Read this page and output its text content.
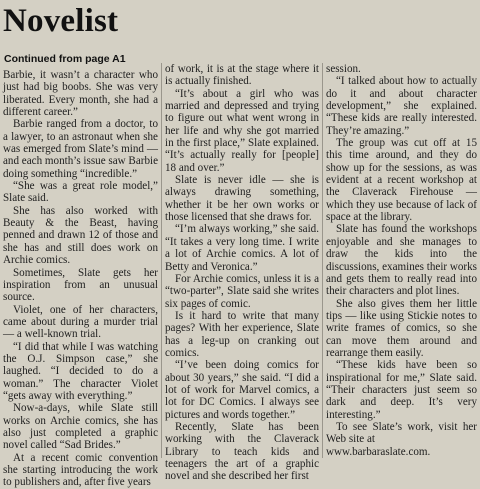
Novelist
Continued from page A1

Barbie, it wasn’t a character who just had big boobs. She was very liberated. Every month, she had a different career.”

Barbie ranged from a doctor, to a lawyer, to an astronaut when she was emerged from Slate’s mind — and each month’s issue saw Barbie doing something “incredible.”

“She was a great role model,” Slate said.

She has also worked with Beauty & the Beast, having penned and drawn 12 of those and she has and still does work on Archie comics.

Sometimes, Slate gets her inspiration from an unusual source.

Violet, one of her characters, came about during a murder trial — a well-known trial.

“I did that while I was watching the O.J. Simpson case,” she laughed. “I decided to do a woman.” The character Violet “gets away with everything.”

Now-a-days, while Slate still works on Archie comics, she has also just completed a graphic novel called “Sad Brides.”

At a recent comic convention she starting introducing the work to publishers and, after five years

of work, it is at the stage where it is actually finished.

“It’s about a girl who was married and depressed and trying to figure out what went wrong in her life and why she got married in the first place,” Slate explained. “It’s actually really for [people] 18 and over.”

Slate is never idle — she is always drawing something, whether it be her own works or those licensed that she draws for.

“I’m always working,” she said. “It takes a very long time. I write a lot of Archie comics. A lot of Betty and Veronica.”

For Archie comics, unless it is a “two-parter”, Slate said she writes six pages of comic.

Is it hard to write that many pages? With her experience, Slate has a leg-up on cranking out comics.

“I’ve been doing comics for about 30 years,” she said. “I did a lot of work for Marvel comics, a lot for DC Comics. I always see pictures and words together.”

Recently, Slate has been working with the Claverack Library to teach kids and teenagers the art of a graphic novel and she described her first

session.

“I talked about how to actually do it and about character development,” she explained. “These kids are really interested. They’re amazing.”

The group was cut off at 15 this time around, and they do show up for the sessions, as was evident at a recent workshop at the Claverack Firehouse — which they use because of lack of space at the library.

Slate has found the workshops enjoyable and she manages to draw the kids into the discussions, examines their works and gets them to really read into their characters and plot lines.

She also gives them her little tips — like using Stickie notes to write frames of comics, so she can move them around and rearrange them easily.

“These kids have been so inspirational for me,” Slate said. “Their characters just seem so dark and deep. It’s very interesting.”

To see Slate’s work, visit her Web site at

www.barbaraslate.com.
